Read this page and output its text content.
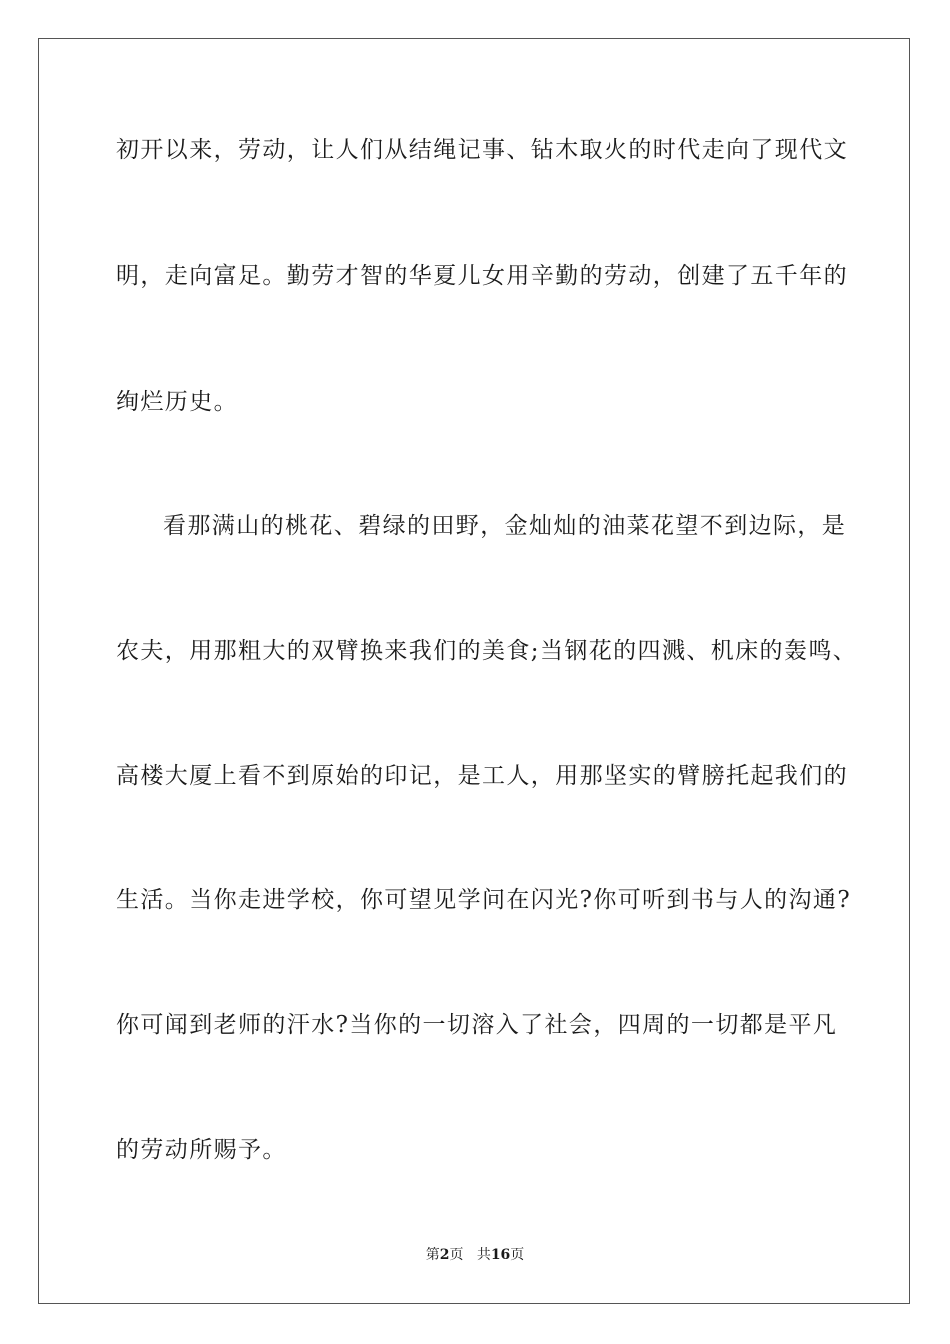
初开以来，劳动，让人们从结绳记事、钻木取火的时代走向了现代文
明，走向富足。勤劳才智的华夏儿女用辛勤的劳动，创建了五千年的
绚烂历史。
看那满山的桃花、碧绿的田野，金灿灿的油菜花望不到边际，是
农夫，用那粗大的双臂换来我们的美食;当钢花的四溅、机床的轰鸣、
高楼大厦上看不到原始的印记，是工人，用那坚实的臂膀托起我们的
生活。当你走进学校，你可望见学问在闪光?你可听到书与人的沟通?
你可闻到老师的汗水?当你的一切溶入了社会，四周的一切都是平凡
的劳动所赐予。
第2页 共16页
